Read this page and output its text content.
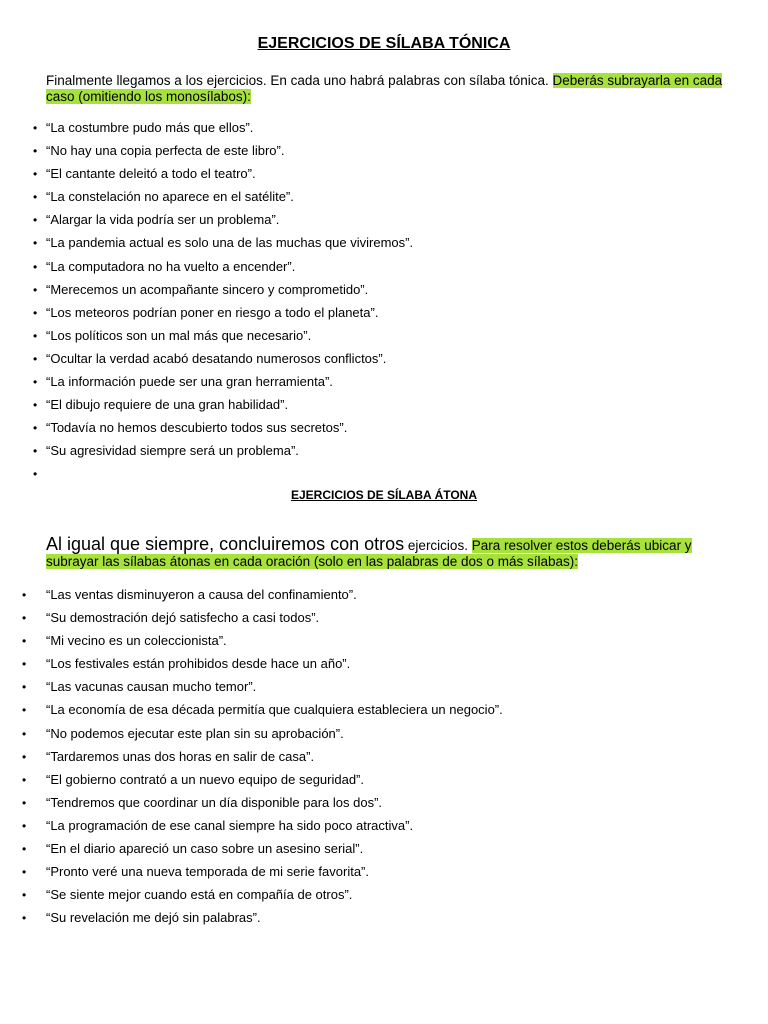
EJERCICIOS DE SÍLABA TÓNICA
Finalmente llegamos a los ejercicios. En cada uno habrá palabras con sílaba tónica. Deberás subrayarla en cada caso (omitiendo los monosílabos):
• “La costumbre pudo más que ellos”.
• “No hay una copia perfecta de este libro”.
• “El cantante deleitó a todo el teatro”.
• “La constelación no aparece en el satélite”.
• “Alargar la vida podría ser un problema”.
• “La pandemia actual es solo una de las muchas que viviremos”.
• “La computadora no ha vuelto a encender”.
• “Merecemos un acompañante sincero y comprometido”.
• “Los meteoros podrían poner en riesgo a todo el planeta”.
• “Los políticos son un mal más que necesario”.
• “Ocultar la verdad acabó desatando numerosos conflictos”.
• “La información puede ser una gran herramienta”.
• “El dibujo requiere de una gran habilidad”.
• “Todavía no hemos descubierto todos sus secretos”.
• “Su agresividad siempre será un problema”.
•
EJERCICIOS DE SÍLABA ÁTONA
Al igual que siempre, concluiremos con otros ejercicios. Para resolver estos deberás ubicar y subrayar las sílabas átonas en cada oración (solo en las palabras de dos o más sílabas):
• “Las ventas disminuyeron a causa del confinamiento”.
• “Su demostración dejó satisfecho a casi todos”.
• “Mi vecino es un coleccionista”.
• “Los festivales están prohibidos desde hace un año”.
• “Las vacunas causan mucho temor”.
• “La economía de esa década permitía que cualquiera estableciera un negocio”.
• “No podemos ejecutar este plan sin su aprobación”.
• “Tardaremos unas dos horas en salir de casa”.
• “El gobierno contrató a un nuevo equipo de seguridad”.
• “Tendremos que coordinar un día disponible para los dos”.
• “La programación de ese canal siempre ha sido poco atractiva”.
• “En el diario apareció un caso sobre un asesino serial”.
• “Pronto veré una nueva temporada de mi serie favorita”.
• “Se siente mejor cuando está en compañía de otros”.
• “Su revelación me dejó sin palabras”.
